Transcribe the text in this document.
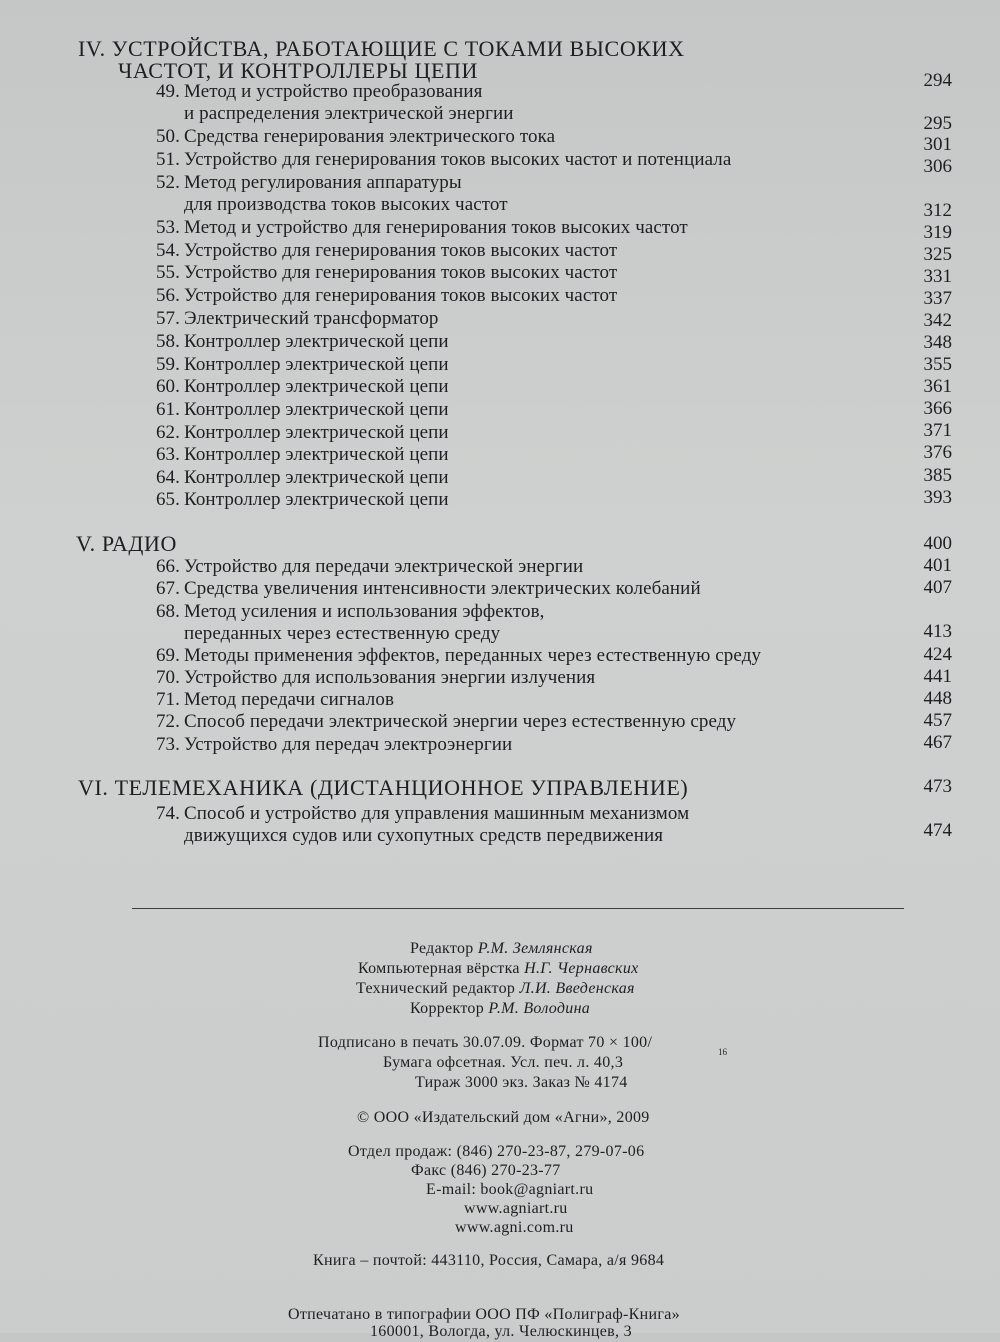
IV. УСТРОЙСТВА, РАБОТАЮЩИЕ С ТОКАМИ ВЫСОКИХ
ЧАСТОТ, И КОНТРОЛЛЕРЫ ЦЕПИ	294
49. Метод и устройство преобразования
и распределения электрической энергии	295
50. Средства генерирования электрического тока	301
51. Устройство для генерирования токов высоких частот и потенциала	306
52. Метод регулирования аппаратуры
для производства токов высоких частот	312
53. Метод и устройство для генерирования токов высоких частот	319
54. Устройство для генерирования токов высоких частот	325
55. Устройство для генерирования токов высоких частот	331
56. Устройство для генерирования токов высоких частот	337
57. Электрический трансформатор	342
58. Контроллер электрической цепи	348
59. Контроллер электрической цепи	355
60. Контроллер электрической цепи	361
61. Контроллер электрической цепи	366
62. Контроллер электрической цепи	371
63. Контроллер электрической цепи	376
64. Контроллер электрической цепи	385
65. Контроллер электрической цепи	393
V. РАДИО	400
66. Устройство для передачи электрической энергии	401
67. Средства увеличения интенсивности электрических колебаний	407
68. Метод усиления и использования эффектов,
переданных через естественную среду	413
69. Методы применения эффектов, переданных через естественную среду	424
70. Устройство для использования энергии излучения	441
71. Метод передачи сигналов	448
72. Способ передачи электрической энергии через естественную среду	457
73. Устройство для передач электроэнергии	467
VI. ТЕЛЕМЕХАНИКА (ДИСТАНЦИОННОЕ УПРАВЛЕНИЕ)	473
74. Способ и устройство для управления машинным механизмом
движущихся судов или сухопутных средств передвижения	474
Редактор Р.М. Землянская
Компьютерная вёрстка Н.Г. Чернавских
Технический редактор Л.И. Введенская
Корректор Р.М. Володина
Подписано в печать 30.07.09. Формат 70 × 100/
16
Бумага офсетная. Усл. печ. л. 40,3
Тираж 3000 экз. Заказ № 4174
© ООО «Издательский дом «Агни», 2009
Отдел продаж: (846) 270-23-87, 279-07-06
Факс (846) 270-23-77
E-mail: book@agniart.ru
www.agniart.ru
www.agni.com.ru
Книга – почтой: 443110, Россия, Самара, а/я 9684
Отпечатано в типографии ООО ПФ «Полиграф-Книга»
160001, Вологда, ул. Челюскинцев, 3
